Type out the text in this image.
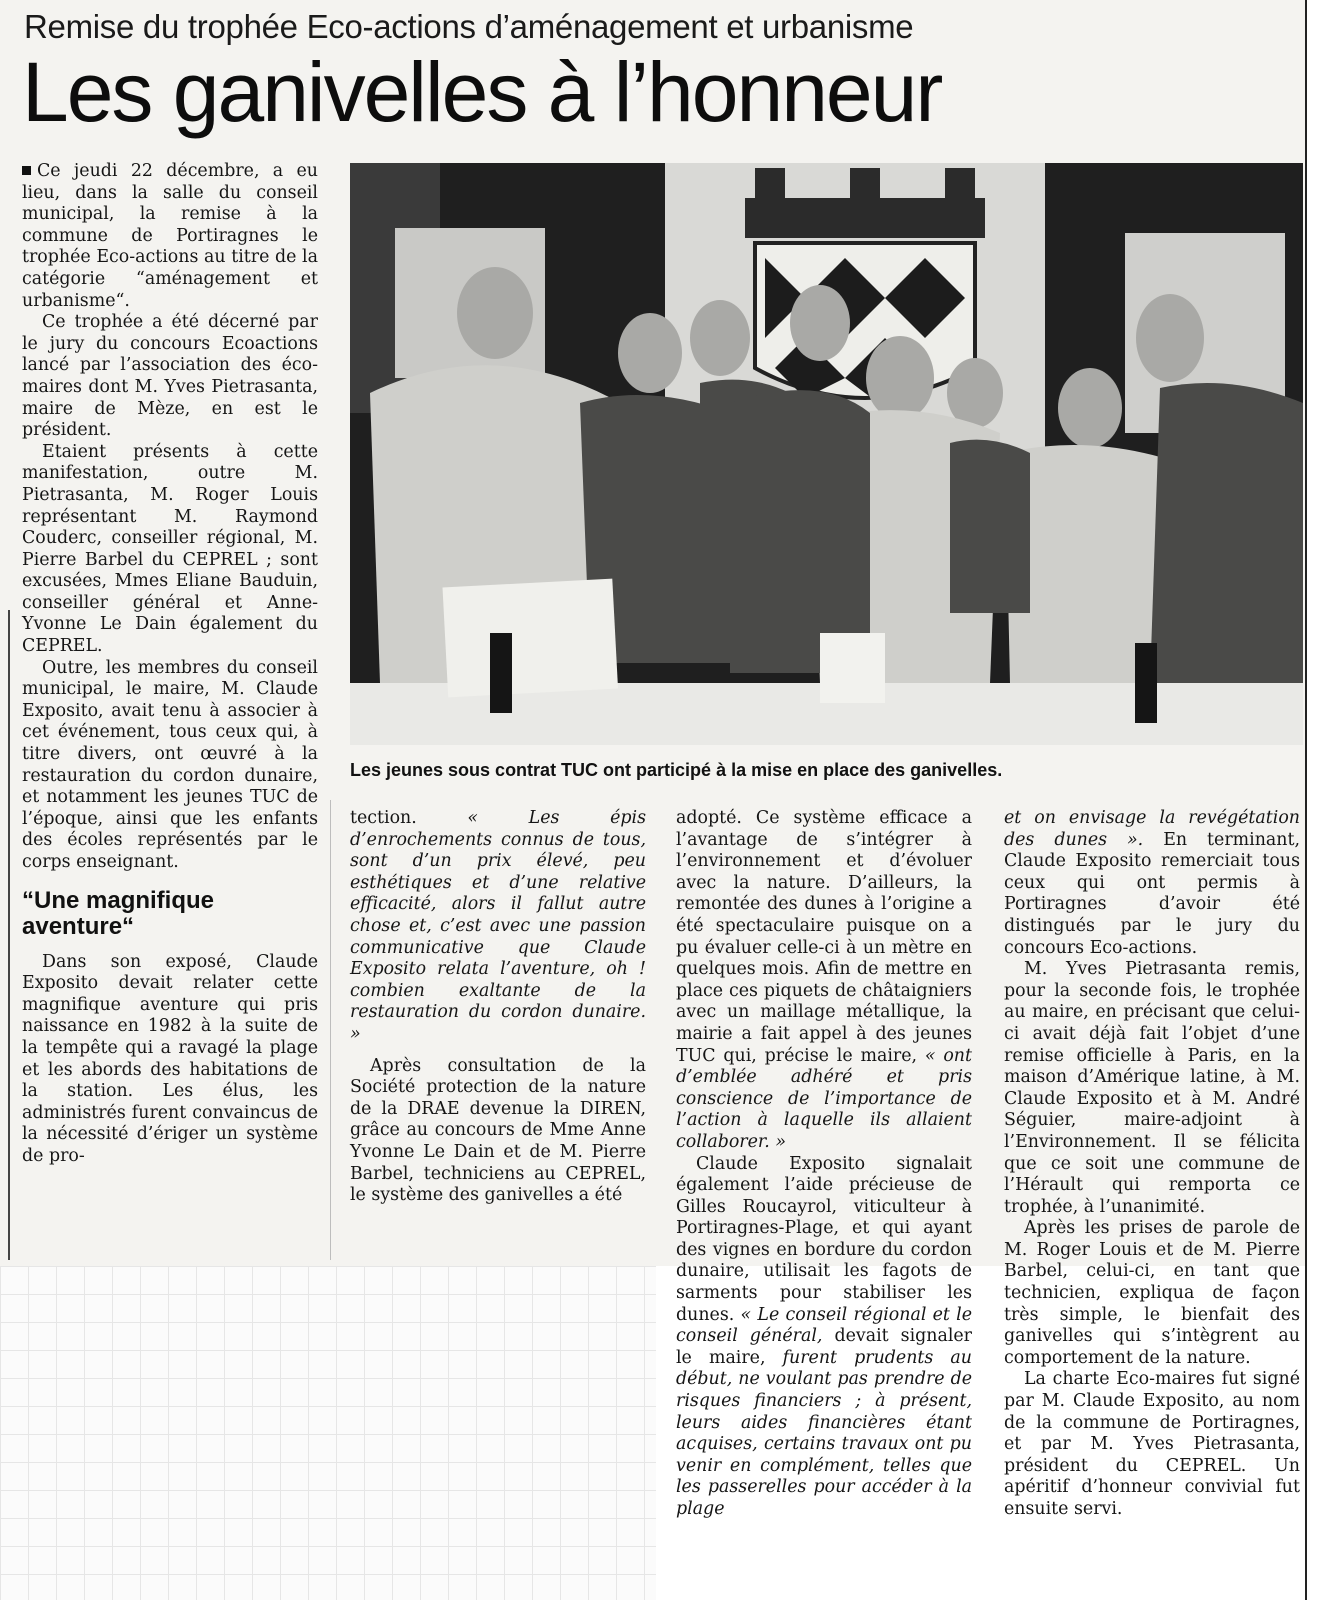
Remise du trophée Eco-actions d’aménagement et urbanisme
Les ganivelles à l’honneur
Les jeunes sous contrat TUC ont participé à la mise en place des ganivelles.

Ce jeudi 22 décembre, a eu lieu, dans la salle du conseil municipal, la remise à la commune de Portiragnes le trophée Eco-actions au titre de la catégorie “aménagement et urbanisme“.

Ce trophée a été décerné par le jury du concours Ecoactions lancé par l’association des éco-maires dont M. Yves Pietrasanta, maire de Mèze, en est le président.

Etaient présents à cette manifestation, outre M. Pietrasanta, M. Roger Louis représentant M. Raymond Couderc, conseiller régional, M. Pierre Barbel du CEPREL ; sont excusées, Mmes Eliane Bauduin, conseiller général et Anne-Yvonne Le Dain également du CEPREL.

Outre, les membres du conseil municipal, le maire, M. Claude Exposito, avait tenu à associer à cet événement, tous ceux qui, à titre divers, ont œuvré à la restauration du cordon dunaire, et notamment les jeunes TUC de l’époque, ainsi que les enfants des écoles représentés par le corps enseignant.

“Une magnifique aventure“

Dans son exposé, Claude Exposito devait relater cette magnifique aventure qui pris naissance en 1982 à la suite de la tempête qui a ravagé la plage et les abords des habitations de la station. Les élus, les administrés furent convaincus de la nécessité d’ériger un système de pro-

tection. « Les épis d’enrochements connus de tous, sont d’un prix élevé, peu esthétiques et d’une relative efficacité, alors il fallut autre chose et, c’est avec une passion communicative que Claude Exposito relata l’aventure, oh ! combien exaltante de la restauration du cordon dunaire. »

Après consultation de la Société protection de la nature de la DRAE devenue la DIREN, grâce au concours de Mme Anne Yvonne Le Dain et de M. Pierre Barbel, techniciens au CEPREL, le système des ganivelles a été

adopté. Ce système efficace a l’avantage de s’intégrer à l’environnement et d’évoluer avec la nature. D’ailleurs, la remontée des dunes à l’origine a été spectaculaire puisque on a pu évaluer celle-ci à un mètre en quelques mois. Afin de mettre en place ces piquets de châtaigniers avec un maillage métallique, la mairie a fait appel à des jeunes TUC qui, précise le maire, « ont d’emblée adhéré et pris conscience de l’importance de l’action à laquelle ils allaient collaborer. »

Claude Exposito signalait également l’aide précieuse de Gilles Roucayrol, viticulteur à Portiragnes-Plage, et qui ayant des vignes en bordure du cordon dunaire, utilisait les fagots de sarments pour stabiliser les dunes. « Le conseil régional et le conseil général, devait signaler le maire, furent prudents au début, ne voulant pas prendre de risques financiers ; à présent, leurs aides financières étant acquises, certains travaux ont pu venir en complément, telles que les passerelles pour accéder à la plage

et on envisage la revégétation des dunes ». En terminant, Claude Exposito remerciait tous ceux qui ont permis à Portiragnes d’avoir été distingués par le jury du concours Eco-actions.

M. Yves Pietrasanta remis, pour la seconde fois, le trophée au maire, en précisant que celui-ci avait déjà fait l’objet d’une remise officielle à Paris, en la maison d’Amérique latine, à M. Claude Exposito et à M. André Séguier, maire-adjoint à l’Environnement. Il se félicita que ce soit une commune de l’Hérault qui remporta ce trophée, à l’unanimité.

Après les prises de parole de M. Roger Louis et de M. Pierre Barbel, celui-ci, en tant que technicien, expliqua de façon très simple, le bienfait des ganivelles qui s’intègrent au comportement de la nature.

La charte Eco-maires fut signé par M. Claude Exposito, au nom de la commune de Portiragnes, et par M. Yves Pietrasanta, président du CEPREL. Un apéritif d’honneur convivial fut ensuite servi.
